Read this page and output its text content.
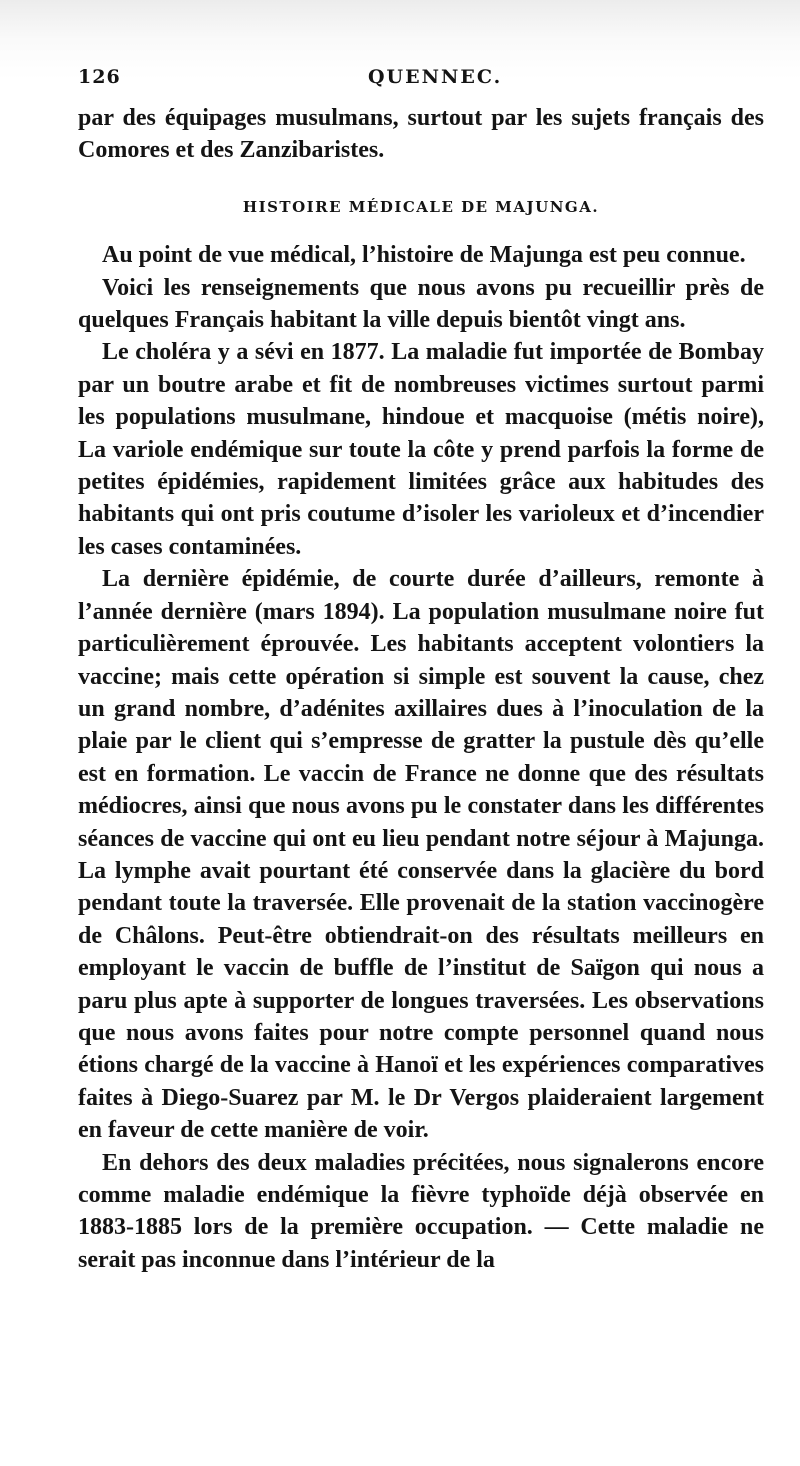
126	QUENNEC.

par des équipages musulmans, surtout par les sujets français des Comores et des Zanzibaristes.

HISTOIRE MÉDICALE DE MAJUNGA.

Au point de vue médical, l’histoire de Majunga est peu connue.

Voici les renseignements que nous avons pu recueillir près de quelques Français habitant la ville depuis bientôt vingt ans.

Le choléra y a sévi en 1877. La maladie fut importée de Bombay par un boutre arabe et fit de nombreuses victimes surtout parmi les populations musulmane, hindoue et macquoise (métis noire), La variole endémique sur toute la côte y prend parfois la forme de petites épidémies, rapidement limitées grâce aux habitudes des habitants qui ont pris coutume d’isoler les varioleux et d’incendier les cases contaminées.

La dernière épidémie, de courte durée d’ailleurs, remonte à l’année dernière (mars 1894). La population musulmane noire fut particulièrement éprouvée. Les habitants acceptent volontiers la vaccine; mais cette opération si simple est souvent la cause, chez un grand nombre, d’adénites axillaires dues à l’inoculation de la plaie par le client qui s’empresse de gratter la pustule dès qu’elle est en formation. Le vaccin de France ne donne que des résultats médiocres, ainsi que nous avons pu le constater dans les différentes séances de vaccine qui ont eu lieu pendant notre séjour à Majunga. La lymphe avait pourtant été conservée dans la glacière du bord pendant toute la traversée. Elle provenait de la station vaccinogère de Châlons. Peut-être obtiendrait-on des résultats meilleurs en employant le vaccin de buffle de l’institut de Saïgon qui nous a paru plus apte à supporter de longues traversées. Les observations que nous avons faites pour notre compte personnel quand nous étions chargé de la vaccine à Hanoï et les expériences comparatives faites à Diego-Suarez par M. le Dr Vergos plaideraient largement en faveur de cette manière de voir.

En dehors des deux maladies précitées, nous signalerons encore comme maladie endémique la fièvre typhoïde déjà observée en 1883-1885 lors de la première occupation. — Cette maladie ne serait pas inconnue dans l’intérieur de la
